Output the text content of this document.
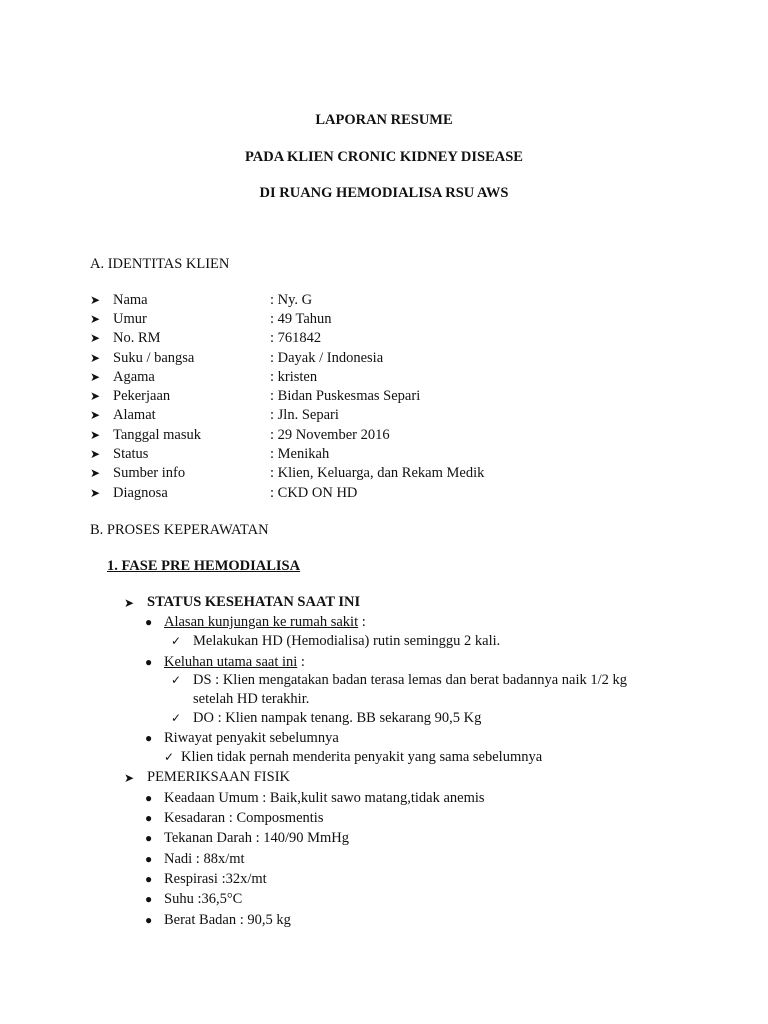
LAPORAN RESUME
PADA KLIEN CRONIC KIDNEY DISEASE
DI RUANG HEMODIALISA RSU AWS
A. IDENTITAS KLIEN
➤ Nama	: Ny. G
➤ Umur	: 49 Tahun
➤ No. RM	: 761842
➤ Suku / bangsa	: Dayak / Indonesia
➤ Agama	: kristen
➤ Pekerjaan	: Bidan Puskesmas Separi
➤ Alamat	: Jln. Separi
➤ Tanggal masuk	: 29 November 2016
➤ Status	: Menikah
➤ Sumber info	: Klien, Keluarga, dan Rekam Medik
➤ Diagnosa	: CKD ON HD
B. PROSES KEPERAWATAN
1. FASE PRE HEMODIALISA
➤ STATUS KESEHATAN SAAT INI
● Alasan kunjungan ke rumah sakit :
✓ Melakukan HD (Hemodialisa) rutin seminggu 2 kali.
● Keluhan utama saat ini :
✓ DS : Klien mengatakan badan terasa lemas dan berat badannya naik 1/2 kg
setelah HD terakhir.
✓ DO : Klien nampak tenang. BB sekarang 90,5 Kg
● Riwayat penyakit sebelumnya
✓ Klien tidak pernah menderita penyakit yang sama sebelumnya
➤ PEMERIKSAAN FISIK
● Keadaan Umum : Baik,kulit sawo matang,tidak anemis
● Kesadaran : Composmentis
● Tekanan Darah : 140/90 MmHg
● Nadi : 88x/mt
● Respirasi :32x/mt
● Suhu :36,5°C
● Berat Badan : 90,5 kg
